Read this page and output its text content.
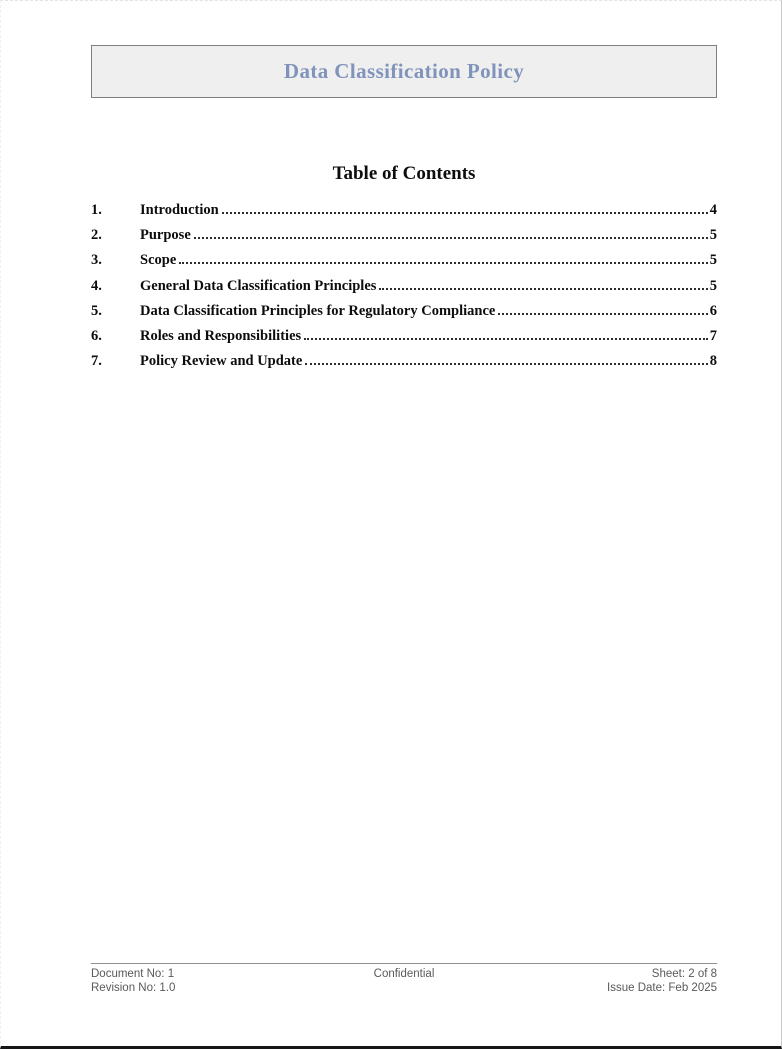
Data Classification Policy
Table of Contents
1.	Introduction	4
2.	Purpose	5
3.	Scope	5
4.	General Data Classification Principles	5
5.	Data Classification Principles for Regulatory Compliance	6
6.	Roles and Responsibilities	7
7.	Policy Review and Update	8
Document No: 1
Revision No: 1.0
Confidential	Sheet: 2 of 8
Issue Date: Feb 2025
